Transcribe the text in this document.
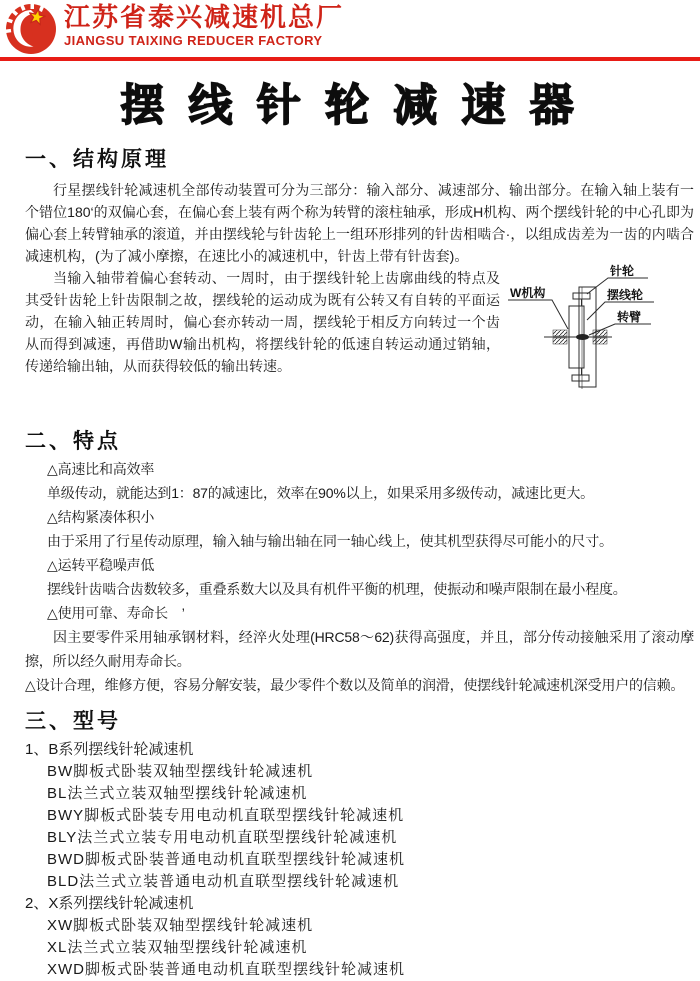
江苏省泰兴减速机总厂
JIANGSU TAIXING REDUCER FACTORY
摆 线 针 轮 减 速 器
一、结构原理

行星摆线针轮减速机全部传动装置可分为三部分：输入部分、减速部分、输出部分。在输入轴上装有一个错位180‘的双偏心套，在偏心套上装有两个称为转臂的滚柱轴承，形成H机构、两个摆线针轮的中心孔即为偏心套上转臂轴承的滚道，并由摆线轮与针齿轮上一组环形排列的针齿相啮合·，以组成齿差为一齿的内啮合减速机构，(为了减小摩擦，在速比小的减速机中，针齿上带有针齿套)。

针轮
W机构	摆线轮
转臂

当输入轴带着偏心套转动、一周时，由于摆线针轮上齿廓曲线的特点及其受针齿轮上针齿限制之故，摆线轮的运动成为既有公转又有自转的平面运动，在输入轴正转周时，偏心套亦转动一周，摆线轮于相反方向转过一个齿从而得到减速，再借助W输出机构，将摆线针轮的低速自转运动通过销轴，传递给输出轴，从而获得较低的输出转速。

二、特点
△高速比和高效率
单级传动，就能达到1：87的减速比，效率在90%以上，如果采用多级传动，减速比更大。
△结构紧凑体积小
由于采用了行星传动原理，输入轴与输出轴在同一轴心线上，使其机型获得尽可能小的尺寸。
△运转平稳噪声低
摆线针齿啮合齿数较多，重叠系数大以及具有机件平衡的机理，使振动和噪声限制在最小程度。
△使用可靠、寿命长　’
因主要零件采用轴承钢材料，经淬火处理(HRC58～62)获得高强度，并且，部分传动接触采用了滚动摩擦，所以经久耐用寿命长。
△设计合理，维修方便，容易分解安装，最少零件个数以及简单的润滑，使摆线针轮减速机深受用户的信赖。
三、型号
1、B系列摆线针轮减速机
BW脚板式卧装双轴型摆线针轮减速机
BL法兰式立装双轴型摆线针轮减速机
BWY脚板式卧装专用电动机直联型摆线针轮减速机
BLY法兰式立装专用电动机直联型摆线针轮减速机
BWD脚板式卧装普通电动机直联型摆线针轮减速机
BLD法兰式立装普通电动机直联型摆线针轮减速机
2、X系列摆线针轮减速机
XW脚板式卧装双轴型摆线针轮减速机
XL法兰式立装双轴型摆线针轮减速机
XWD脚板式卧装普通电动机直联型摆线针轮减速机
